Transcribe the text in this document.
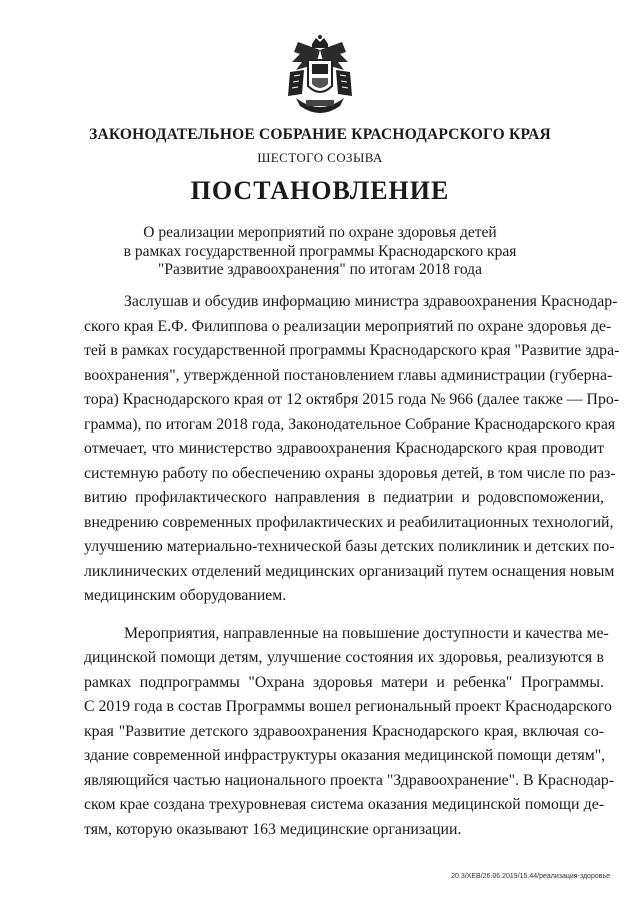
ЗАКОНОДАТЕЛЬНОЕ СОБРАНИЕ КРАСНОДАРСКОГО КРАЯ
ШЕСТОГО СОЗЫВА
ПОСТАНОВЛЕНИЕ
О реализации мероприятий по охране здоровья детей
в рамках государственной программы Краснодарского края
"Развитие здравоохранения" по итогам 2018 года
Заслушав и обсудив информацию министра здравоохранения Краснодар-
ского края Е.Ф. Филиппова о реализации мероприятий по охране здоровья де-
тей в рамках государственной программы Краснодарского края "Развитие здра-
воохранения", утвержденной постановлением главы администрации (губерна-
тора) Краснодарского края от 12 октября 2015 года № 966 (далее также — Про-
грамма), по итогам 2018 года, Законодательное Собрание Краснодарского края
отмечает, что министерство здравоохранения Краснодарского края проводит
системную работу по обеспечению охраны здоровья детей, в том числе по раз-
витию профилактического направления в педиатрии и родовспоможении,
внедрению современных профилактических и реабилитационных технологий,
улучшению материально-технической базы детских поликлиник и детских по-
ликлинических отделений медицинских организаций путем оснащения новым
медицинским оборудованием.
Мероприятия, направленные на повышение доступности и качества ме-
дицинской помощи детям, улучшение состояния их здоровья, реализуются в
рамках подпрограммы "Охрана здоровья матери и ребенка" Программы.
С 2019 года в состав Программы вошел региональный проект Краснодарского
края "Развитие детского здравоохранения Краснодарского края, включая со-
здание современной инфраструктуры оказания медицинской помощи детям",
являющийся частью национального проекта "Здравоохранение". В Краснодар-
ском крае создана трехуровневая система оказания медицинской помощи де-
тям, которую оказывают 163 медицинские организации.
20.3/ХЕВ/26.06.2019/15.44/реализация-здоровье
